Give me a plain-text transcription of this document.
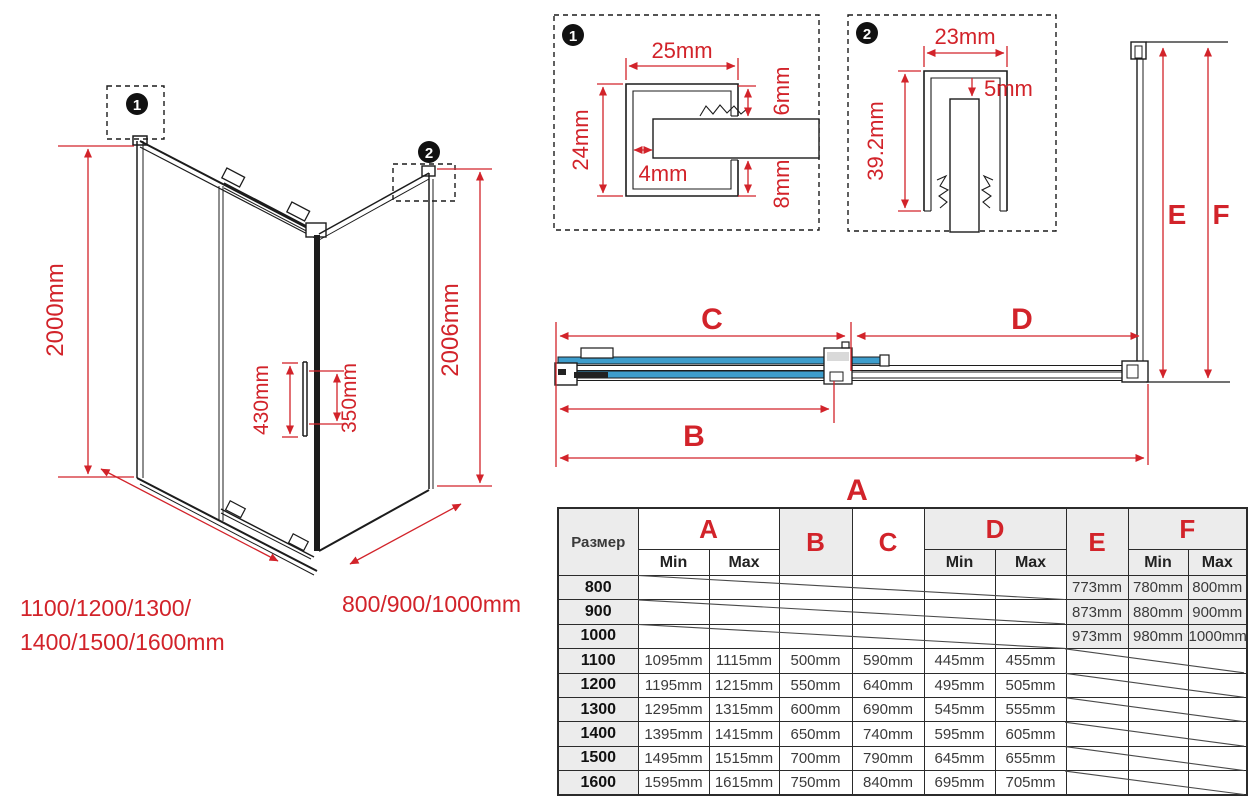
1
2
2000mm	2006mm
430mm	350mm
1100/1200/1300/
1400/1500/1600mm
800/900/1000mm
1
25mm
24mm
4mm
6mm
8mm
2	23mm
5mm
39.2mm
C	D
B
A
E F
Размер	A		B	C	D		E	F	
	Min	Max			Min	Max		Min	Max
800							773mm	780mm	800mm
900							873mm	880mm	900mm
1000							973mm	980mm	1000mm
1100	1095mm	1115mm	500mm	590mm	445mm	455mm			
1200	1195mm	1215mm	550mm	640mm	495mm	505mm			
1300	1295mm	1315mm	600mm	690mm	545mm	555mm			
1400	1395mm	1415mm	650mm	740mm	595mm	605mm			
1500	1495mm	1515mm	700mm	790mm	645mm	655mm			
1600	1595mm	1615mm	750mm	840mm	695mm	705mm			
